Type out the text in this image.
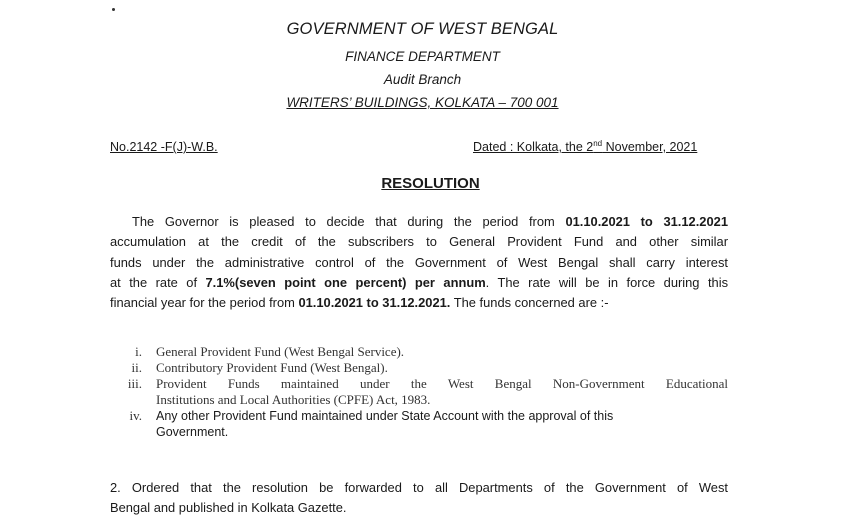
GOVERNMENT OF WEST BENGAL
FINANCE DEPARTMENT
Audit Branch
WRITERS’ BUILDINGS, KOLKATA – 700 001
No.2142 -F(J)-W.B.	Dated : Kolkata, the 2nd November, 2021
RESOLUTION
The Governor is pleased to decide that during the period from 01.10.2021 to 31.12.2021
accumulation at the credit of the subscribers to General Provident Fund and other similar
funds under the administrative control of the Government of West Bengal shall carry interest
at the rate of 7.1%(seven point one percent) per annum. The rate will be in force during this
financial year for the period from 01.10.2021 to 31.12.2021. The funds concerned are :-
i. General Provident Fund (West Bengal Service).
ii. Contributory Provident Fund (West Bengal).
iii. Provident Funds maintained under the West Bengal Non-Government Educational
Institutions and Local Authorities (CPFE) Act, 1983.
iv. Any other Provident Fund maintained under State Account with the approval of this
Government.
2. Ordered that the resolution be forwarded to all Departments of the Government of West
Bengal and published in Kolkata Gazette.
